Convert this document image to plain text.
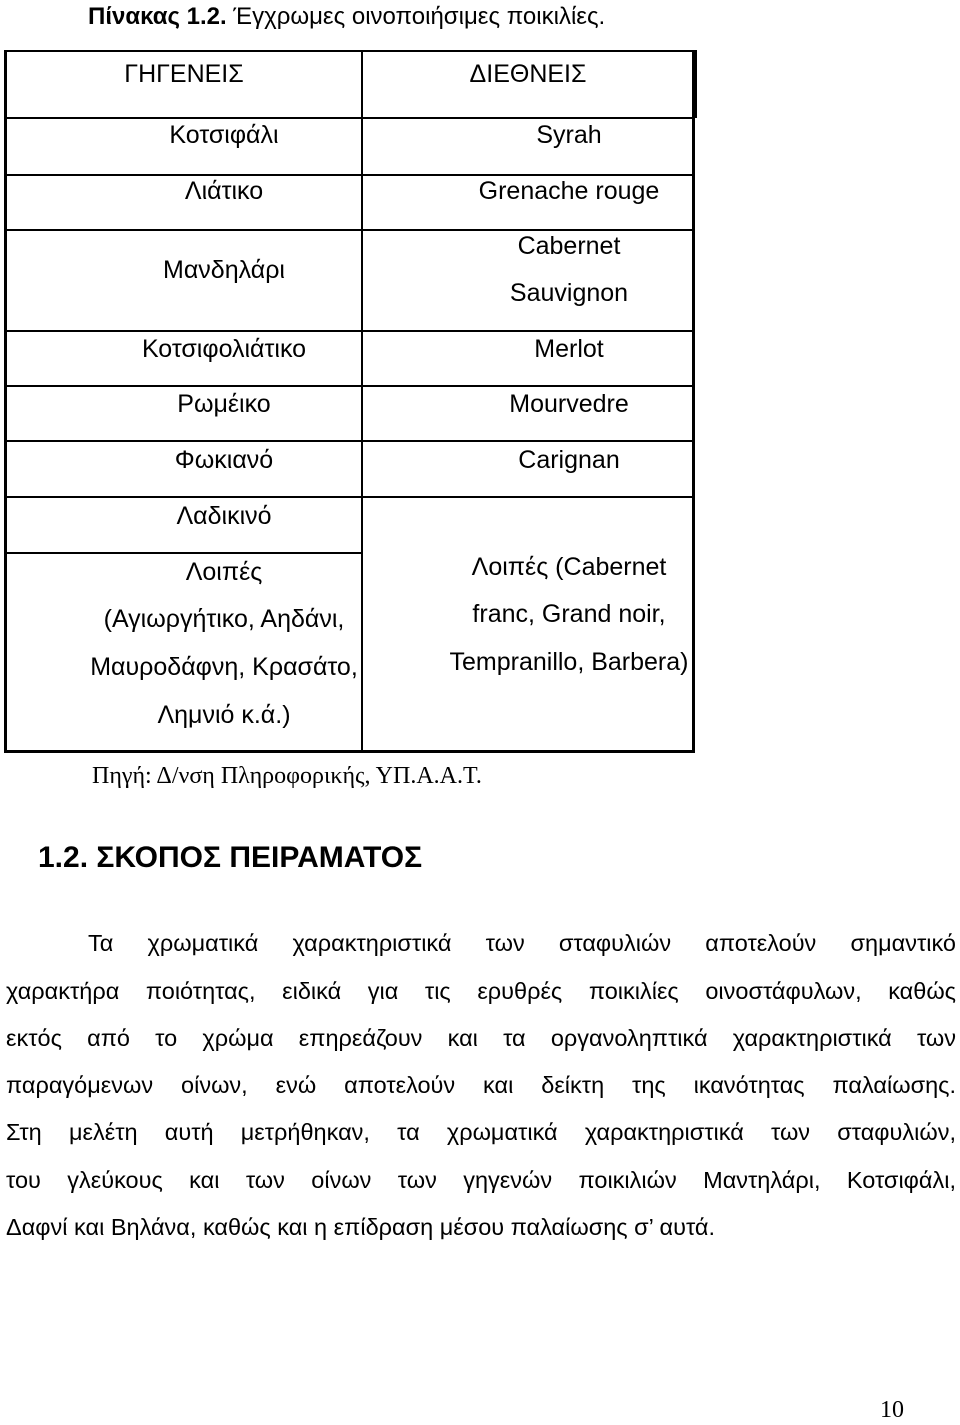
Πίνακας 1.2. Έγχρωμες οινοποιήσιμες ποικιλίες.
ΓΗΓΕΝΕΙΣ	ΔΙΕΘΝΕΙΣ
Κοτσιφάλι
Λιάτικο
Μανδηλάρι
Κοτσιφολιάτικο
Ρωμέικο
Φωκιανό
Λαδικινό
Λοιπές
(Αγιωργήτικο, Αηδάνι,
Μαυροδάφνη, Κρασάτο,
Λημνιό κ.ά.)
Syrah
Grenache rouge
Cabernet
Sauvignon
Merlot
Mourvedre
Carignan
Λοιπές (Cabernet
franc, Grand noir,
Tempranillo, Barbera)
Πηγή: Δ/νση Πληροφορικής, ΥΠ.Α.Α.Τ.
1.2. ΣΚΟΠΟΣ ΠΕΙΡΑΜΑΤΟΣ
Τα χρωματικά χαρακτηριστικά των σταφυλιών αποτελούν σημαντικό
χαρακτήρα ποιότητας, ειδικά για τις ερυθρές ποικιλίες οινοστάφυλων, καθώς
εκτός από το χρώμα επηρεάζουν και τα οργανοληπτικά χαρακτηριστικά των
παραγόμενων οίνων, ενώ αποτελούν και δείκτη της ικανότητας παλαίωσης.
Στη μελέτη αυτή μετρήθηκαν, τα χρωματικά χαρακτηριστικά των σταφυλιών,
του γλεύκους και των οίνων των γηγενών ποικιλιών Μαντηλάρι, Κοτσιφάλι,
Δαφνί και Βηλάνα, καθώς και η επίδραση μέσου παλαίωσης σ’ αυτά.
10
